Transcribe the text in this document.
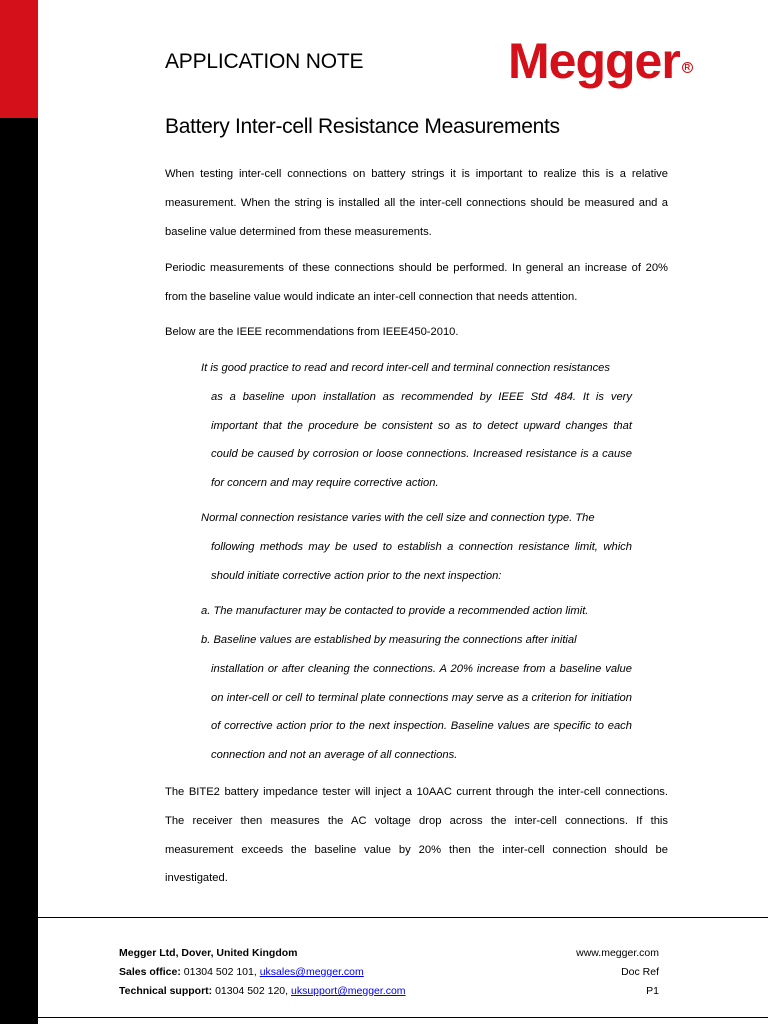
APPLICATION NOTE	Megger R
Battery Inter-cell Resistance Measurements
When testing inter-cell connections on battery strings it is important to realize this is a relative measurement. When the string is installed all the inter-cell connections should be measured and a baseline value determined from these measurements.
Periodic measurements of these connections should be performed. In general an increase of 20% from the baseline value would indicate an inter-cell connection that needs attention.
Below are the IEEE recommendations from IEEE450-2010.
It is good practice to read and record inter-cell and terminal connection resistances

as a baseline upon installation as recommended by IEEE Std 484. It is very important that the procedure be consistent so as to detect upward changes that could be caused by corrosion or loose connections. Increased resistance is a cause for concern and may require corrective action.
Normal connection resistance varies with the cell size and connection type. The

following methods may be used to establish a connection resistance limit, which should initiate corrective action prior to the next inspection:
a. The manufacturer may be contacted to provide a recommended action limit.
b. Baseline values are established by measuring the connections after initial

installation or after cleaning the connections. A 20% increase from a baseline value on inter-cell or cell to terminal plate connections may serve as a criterion for initiation of corrective action prior to the next inspection. Baseline values are specific to each connection and not an average of all connections.
The BITE2 battery impedance tester will inject a 10AAC current through the inter-cell connections. The receiver then measures the AC voltage drop across the inter-cell connections. If this measurement exceeds the baseline value by 20% then the inter-cell connection should be investigated.
Megger Ltd, Dover, United Kingdom
Sales office: 01304 502 101, uksales@megger.com
Technical support: 01304 502 120, uksupport@megger.com
www.megger.com
Doc Ref
P1
